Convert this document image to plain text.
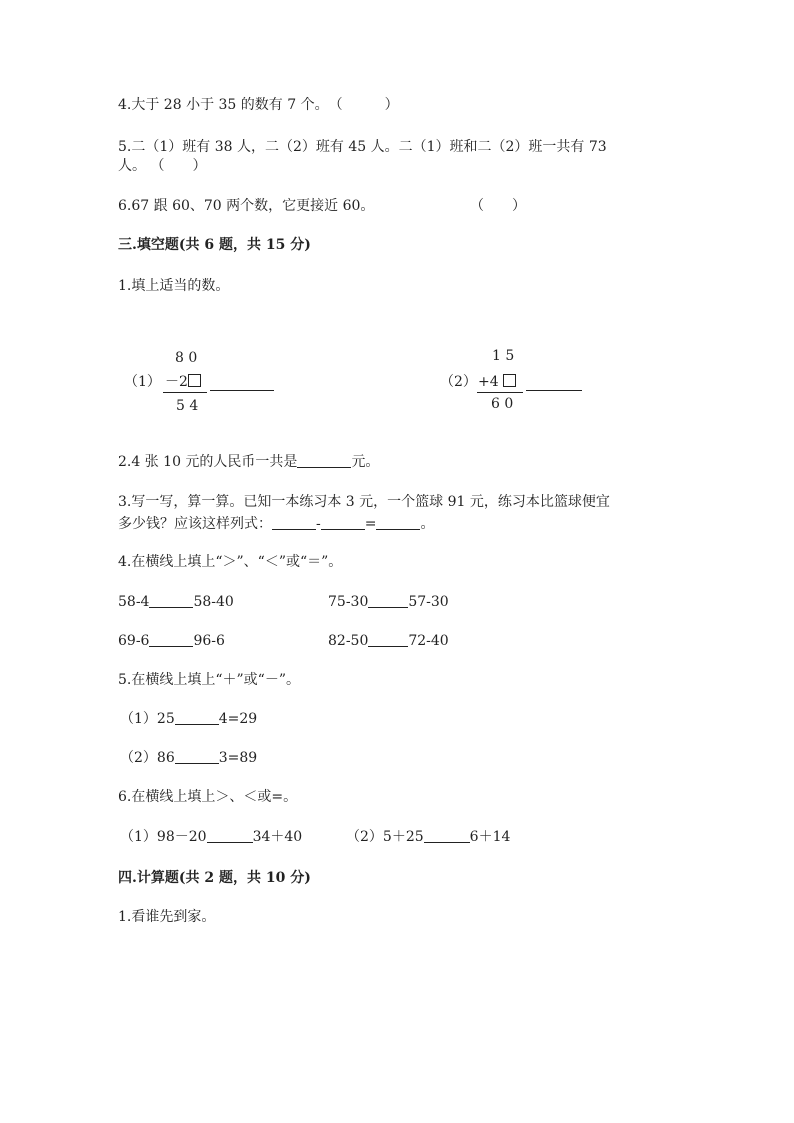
4.大于 28 小于 35 的数有 7 个。（　　　）
5.二（1）班有 38 人，二（2）班有 45 人。二（1）班和二（2）班一共有 73
人。 （　　）
6.67 跟 60、70 两个数，它更接近 60。	（　　）
三.填空题(共 6 题，共 15 分)
1.填上适当的数。
8 0
（1） －2
5 4
1 5
（2） +4
6 0
2.4 张 10 元的人民币一共是	元。
3.写一写，算一算。已知一本练习本 3 元，一个篮球 91 元，练习本比篮球便宜
多少钱？应该这样列式：	-	=	。
4.在横线上填上“＞”、“＜”或“＝”。
58-4	58-40	75-30	57-30
69-6	96-6	82-50	72-40
5.在横线上填上“＋”或“－”。
（1）25	4=29
（2）86	3=89
6.在横线上填上＞、＜或=。
（1）98－20	34＋40	（2）5＋25	6＋14
四.计算题(共 2 题，共 10 分)
1.看谁先到家。
